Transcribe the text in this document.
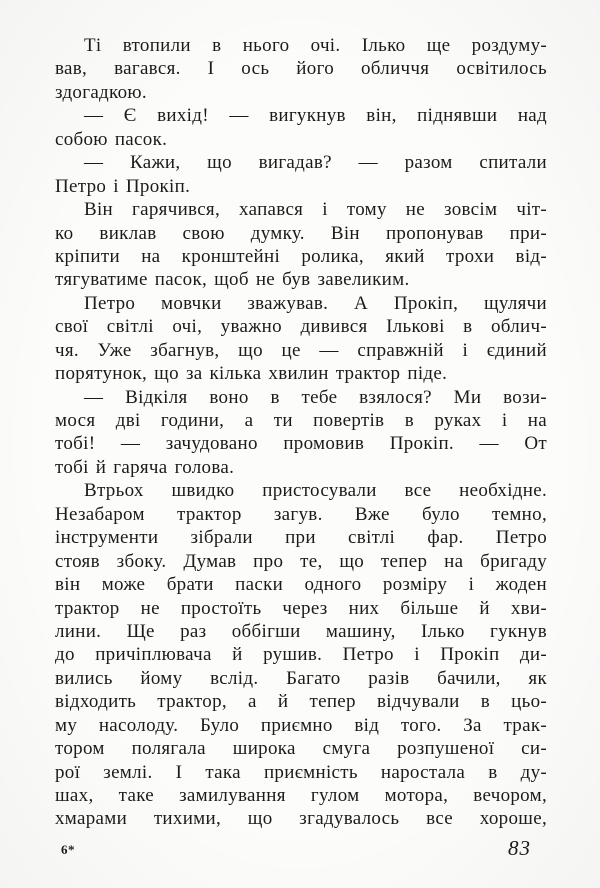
Ті втопили в нього очі. Ілько ще роздуму-
вав, вагався. І ось його обличчя освітилось
здогадкою.
— Є вихід! — вигукнув він, піднявши над
собою пасок.
— Кажи, що вигадав? — разом спитали
Петро і Прокіп.
Він гарячився, хапався і тому не зовсім чіт-
ко виклав свою думку. Він пропонував при-
кріпити на кронштейні ролика, який трохи від-
тягуватиме пасок, щоб не був завеликим.
Петро мовчки зважував. А Прокіп, щулячи
свої світлі очі, уважно дивився Ількові в облич-
чя. Уже збагнув, що це — справжній і єдиний
порятунок, що за кілька хвилин трактор піде.
— Відкіля воно в тебе взялося? Ми вози-
мося дві години, а ти повертів в руках і на
тобі! — зачудовано промовив Прокіп. — От
тобі й гаряча голова.
Втрьох швидко пристосували все необхідне.
Незабаром трактор загув. Вже було темно,
інструменти зібрали при світлі фар. Петро
стояв збоку. Думав про те, що тепер на бригаду
він може брати паски одного розміру і жоден
трактор не простоїть через них більше й хви-
лини. Ще раз оббігши машину, Ілько гукнув
до причіплювача й рушив. Петро і Прокіп ди-
вились йому вслід. Багато разів бачили, як
відходить трактор, а й тепер відчували в цьо-
му насолоду. Було приємно від того. За трак-
тором полягала широка смуга розпушеної си-
рої землі. І така приємність наростала в ду-
шах, таке замилування гулом мотора, вечором,
хмарами тихими, що згадувалось все хороше,
6*	83
